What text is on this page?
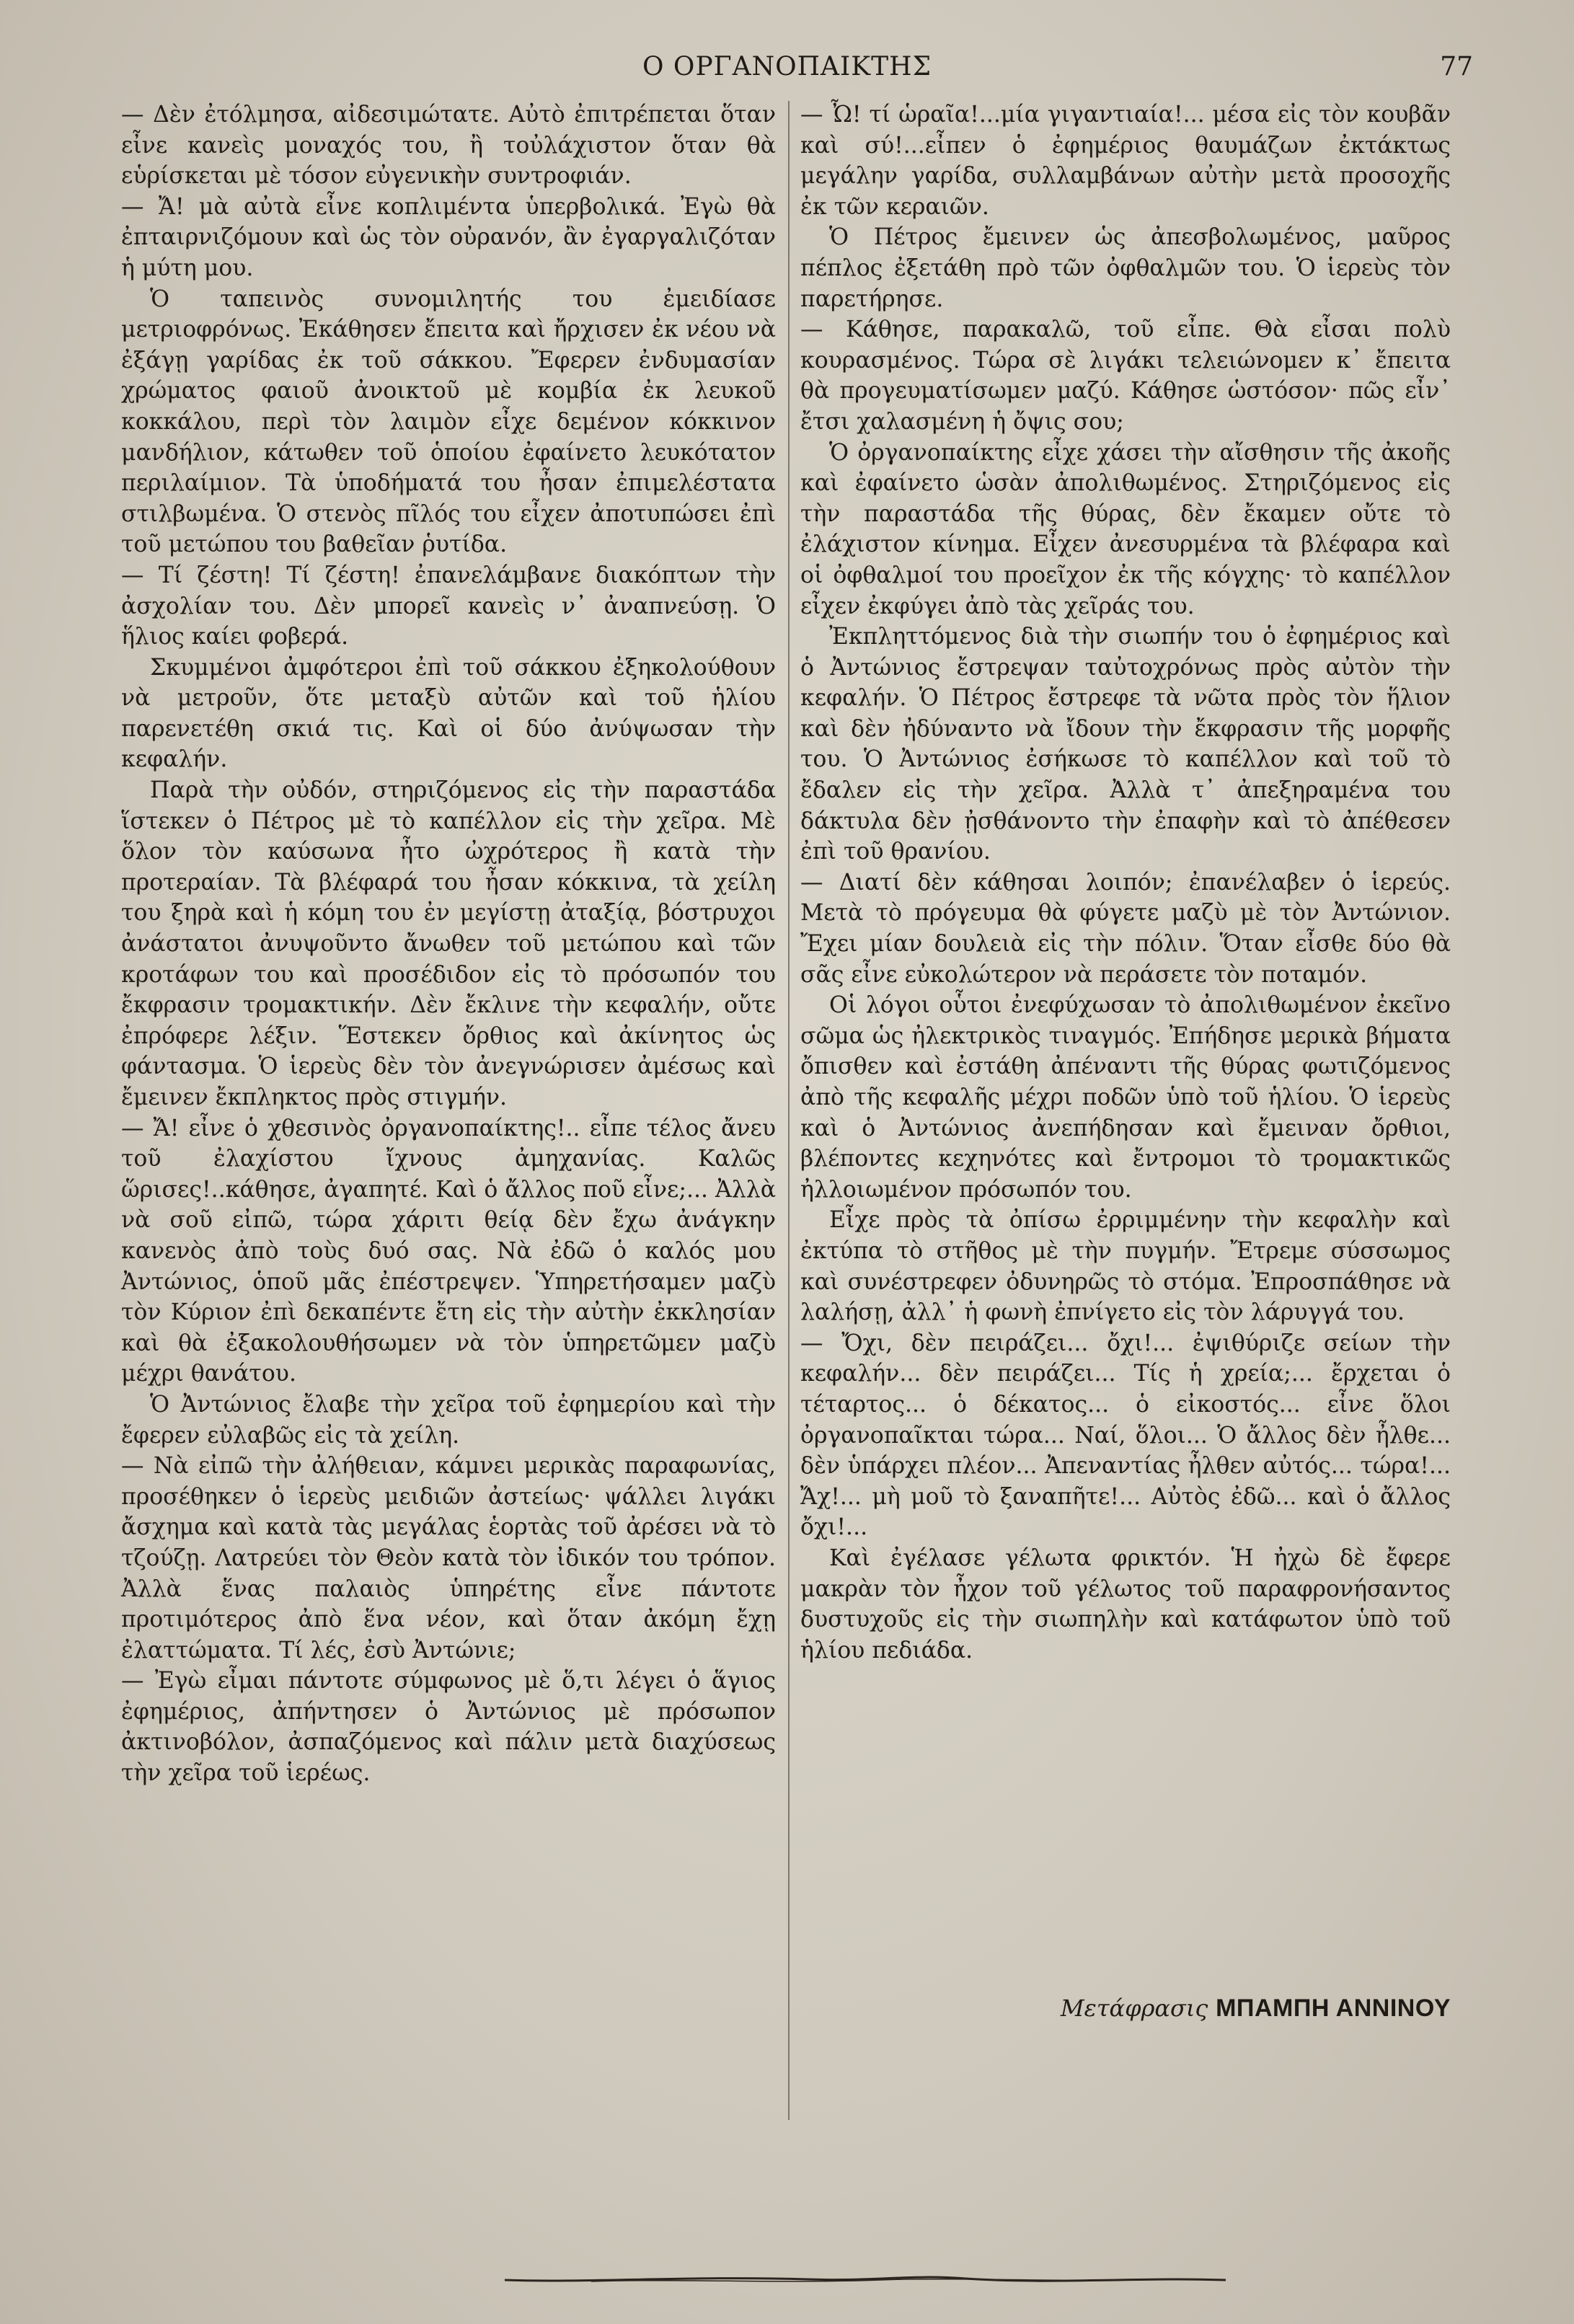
Ο ΟΡΓΑΝΟΠΑΙΚΤΗΣ	77

— Δὲν ἐτόλμησα, αἰδεσιμώτατε. Αὐτὸ ἐπιτρέπεται ὅταν εἶνε κανεὶς μοναχός του, ἢ τοὐλάχιστον ὅταν θὰ εὑρίσκεται μὲ τόσον εὐγενικὴν συντροφιάν.

— Ἄ! μὰ αὐτὰ εἶνε κοπλιμέντα ὑπερβολικά. Ἐγὼ θὰ ἐπταιρνιζόμουν καὶ ὡς τὸν οὐρανόν, ἂν ἐγαργαλιζόταν ἡ μύτη μου.

Ὁ ταπεινὸς συνομιλητής του ἐμειδίασε μετριοφρόνως. Ἐκάθησεν ἔπειτα καὶ ἤρχισεν ἐκ νέου νὰ ἐξάγῃ γαρίδας ἐκ τοῦ σάκκου. Ἔφερεν ἐνδυμασίαν χρώματος φαιοῦ ἀνοικτοῦ μὲ κομβία ἐκ λευκοῦ κοκκάλου, περὶ τὸν λαιμὸν εἶχε δεμένον κόκκινον μανδήλιον, κάτωθεν τοῦ ὁποίου ἐφαίνετο λευκότατον περιλαίμιον. Τὰ ὑποδήματά του ἦσαν ἐπιμελέστατα στιλβωμένα. Ὁ στενὸς πῖλός του εἶχεν ἀποτυπώσει ἐπὶ τοῦ μετώπου του βαθεῖαν ῥυτίδα.

— Τί ζέστη! Τί ζέστη! ἐπανελάμβανε διακόπτων τὴν ἀσχολίαν του. Δὲν μπορεῖ κανεὶς ν᾽ ἀναπνεύσῃ. Ὁ ἥλιος καίει φοβερά.

Σκυμμένοι ἀμφότεροι ἐπὶ τοῦ σάκκου ἐξηκολούθουν νὰ μετροῦν, ὅτε μεταξὺ αὐτῶν καὶ τοῦ ἡλίου παρενετέθη σκιά τις. Καὶ οἱ δύο ἀνύψωσαν τὴν κεφαλήν.

Παρὰ τὴν οὐδόν, στηριζόμενος εἰς τὴν παραστάδα ἵστεκεν ὁ Πέτρος μὲ τὸ καπέλλον εἰς τὴν χεῖρα. Μὲ ὅλον τὸν καύσωνα ἦτο ὠχρότερος ἢ κατὰ τὴν προτεραίαν. Τὰ βλέφαρά του ἦσαν κόκκινα, τὰ χείλη του ξηρὰ καὶ ἡ κόμη του ἐν μεγίστῃ ἀταξίᾳ, βόστρυχοι ἀνάστατοι ἀνυψοῦντο ἄνωθεν τοῦ μετώπου καὶ τῶν κροτάφων του καὶ προσέδιδον εἰς τὸ πρόσωπόν του ἔκφρασιν τρομακτικήν. Δὲν ἔκλινε τὴν κεφαλήν, οὔτε ἐπρόφερε λέξιν. Ἕστεκεν ὄρθιος καὶ ἀκίνητος ὡς φάντασμα. Ὁ ἱερεὺς δὲν τὸν ἀνεγνώρισεν ἀμέσως καὶ ἔμεινεν ἔκπληκτος πρὸς στιγμήν.

— Ἄ! εἶνε ὁ χθεσινὸς ὀργανοπαίκτης!.. εἶπε τέλος ἄνευ τοῦ ἐλαχίστου ἴχνους ἀμηχανίας. Καλῶς ὥρισες!..κάθησε, ἀγαπητέ. Καὶ ὁ ἄλλος ποῦ εἶνε;... Ἀλλὰ νὰ σοῦ εἰπῶ, τώρα χάριτι θείᾳ δὲν ἔχω ἀνάγκην κανενὸς ἀπὸ τοὺς δυό σας. Νὰ ἐδῶ ὁ καλός μου Ἀντώνιος, ὁποῦ μᾶς ἐπέστρεψεν. Ὑπηρετήσαμεν μαζὺ τὸν Κύριον ἐπὶ δεκαπέντε ἔτη εἰς τὴν αὐτὴν ἐκκλησίαν καὶ θὰ ἐξακολουθήσωμεν νὰ τὸν ὑπηρετῶμεν μαζὺ μέχρι θανάτου.

Ὁ Ἀντώνιος ἔλαβε τὴν χεῖρα τοῦ ἐφημερίου καὶ τὴν ἔφερεν εὐλαβῶς εἰς τὰ χείλη.

— Νὰ εἰπῶ τὴν ἀλήθειαν, κάμνει μερικὰς παραφωνίας, προσέθηκεν ὁ ἱερεὺς μειδιῶν ἀστείως· ψάλλει λιγάκι ἄσχημα καὶ κατὰ τὰς μεγάλας ἑορτὰς τοῦ ἀρέσει νὰ τὸ τζούζῃ. Λατρεύει τὸν Θεὸν κατὰ τὸν ἰδικόν του τρόπον. Ἀλλὰ ἕνας παλαιὸς ὑπηρέτης εἶνε πάντοτε προτιμότερος ἀπὸ ἕνα νέον, καὶ ὅταν ἀκόμη ἔχῃ ἐλαττώματα. Τί λές, ἐσὺ Ἀντώνιε;

— Ἐγὼ εἶμαι πάντοτε σύμφωνος μὲ ὅ,τι λέγει ὁ ἅγιος ἐφημέριος, ἀπήντησεν ὁ Ἀντώνιος μὲ πρόσωπον ἀκτινοβόλον, ἀσπαζόμενος καὶ πάλιν μετὰ διαχύσεως τὴν χεῖρα τοῦ ἱερέως.

— Ὦ! τί ὡραῖα!...μία γιγαντιαία!... μέσα εἰς τὸν κουβᾶν καὶ σύ!...εἶπεν ὁ ἐφημέριος θαυμάζων ἐκτάκτως μεγάλην γαρίδα, συλλαμβάνων αὐτὴν μετὰ προσοχῆς ἐκ τῶν κεραιῶν.

Ὁ Πέτρος ἔμεινεν ὡς ἀπεσβολωμένος, μαῦρος πέπλος ἐξετάθη πρὸ τῶν ὀφθαλμῶν του. Ὁ ἱερεὺς τὸν παρετήρησε.

— Κάθησε, παρακαλῶ, τοῦ εἶπε. Θὰ εἶσαι πολὺ κουρασμένος. Τώρα σὲ λιγάκι τελειώνομεν κ᾽ ἔπειτα θὰ προγευματίσωμεν μαζύ. Κάθησε ὡστόσον· πῶς εἶν᾽ ἔτσι χαλασμένη ἡ ὄψις σου;

Ὁ ὀργανοπαίκτης εἶχε χάσει τὴν αἴσθησιν τῆς ἀκοῆς καὶ ἐφαίνετο ὡσὰν ἀπολιθωμένος. Στηριζόμενος εἰς τὴν παραστάδα τῆς θύρας, δὲν ἔκαμεν οὔτε τὸ ἐλάχιστον κίνημα. Εἶχεν ἀνεσυρμένα τὰ βλέφαρα καὶ οἱ ὀφθαλμοί του προεῖχον ἐκ τῆς κόγχης· τὸ καπέλλον εἶχεν ἐκφύγει ἀπὸ τὰς χεῖράς του.

Ἐκπληττόμενος διὰ τὴν σιωπήν του ὁ ἐφημέριος καὶ ὁ Ἀντώνιος ἔστρεψαν ταὐτοχρόνως πρὸς αὐτὸν τὴν κεφαλήν. Ὁ Πέτρος ἔστρεφε τὰ νῶτα πρὸς τὸν ἥλιον καὶ δὲν ἠδύναντο νὰ ἴδουν τὴν ἔκφρασιν τῆς μορφῆς του. Ὁ Ἀντώνιος ἐσήκωσε τὸ καπέλλον καὶ τοῦ τὸ ἔδαλεν εἰς τὴν χεῖρα. Ἀλλὰ τ᾽ ἀπεξηραμένα του δάκτυλα δὲν ᾐσθάνοντο τὴν ἐπαφὴν καὶ τὸ ἀπέθεσεν ἐπὶ τοῦ θρανίου.

— Διατί δὲν κάθησαι λοιπόν; ἐπανέλαβεν ὁ ἱερεύς. Μετὰ τὸ πρόγευμα θὰ φύγετε μαζὺ μὲ τὸν Ἀντώνιον. Ἔχει μίαν δουλειὰ εἰς τὴν πόλιν. Ὅταν εἶσθε δύο θὰ σᾶς εἶνε εὐκολώτερον νὰ περάσετε τὸν ποταμόν.

Οἱ λόγοι οὗτοι ἐνεφύχωσαν τὸ ἀπολιθωμένον ἐκεῖνο σῶμα ὡς ἠλεκτρικὸς τιναγμός. Ἐπήδησε μερικὰ βήματα ὄπισθεν καὶ ἐστάθη ἀπέναντι τῆς θύρας φωτιζόμενος ἀπὸ τῆς κεφαλῆς μέχρι ποδῶν ὑπὸ τοῦ ἡλίου. Ὁ ἱερεὺς καὶ ὁ Ἀντώνιος ἀνεπήδησαν καὶ ἔμειναν ὄρθιοι, βλέποντες κεχηνότες καὶ ἔντρομοι τὸ τρομακτικῶς ἠλλοιωμένον πρόσωπόν του.

Εἶχε πρὸς τὰ ὀπίσω ἐρριμμένην τὴν κεφαλὴν καὶ ἐκτύπα τὸ στῆθος μὲ τὴν πυγμήν. Ἔτρεμε σύσσωμος καὶ συνέστρεφεν ὀδυνηρῶς τὸ στόμα. Ἐπροσπάθησε νὰ λαλήσῃ, ἀλλ᾽ ἡ φωνὴ ἐπνίγετο εἰς τὸν λάρυγγά του.

— Ὄχι, δὲν πειράζει... ὄχι!... ἐψιθύριζε σείων τὴν κεφαλήν... δὲν πειράζει... Τίς ἡ χρεία;... ἔρχεται ὁ τέταρτος... ὁ δέκατος... ὁ εἰκοστός... εἶνε ὅλοι ὀργανοπαῖκται τώρα... Ναί, ὅλοι... Ὁ ἄλλος δὲν ἦλθε... δὲν ὑπάρχει πλέον... Ἀπεναντίας ἦλθεν αὐτός... τώρα!... Ἄχ!... μὴ μοῦ τὸ ξαναπῆτε!... Αὐτὸς ἐδῶ... καὶ ὁ ἄλλος ὄχι!...

Καὶ ἐγέλασε γέλωτα φρικτόν. Ἡ ἠχὼ δὲ ἔφερε μακρὰν τὸν ἦχον τοῦ γέλωτος τοῦ παραφρονήσαντος δυστυχοῦς εἰς τὴν σιωπηλὴν καὶ κατάφωτον ὑπὸ τοῦ ἡλίου πεδιάδα.

Μετάφρασις ΜΠΑΜΠΗ ΑΝΝΙΝΟΥ
